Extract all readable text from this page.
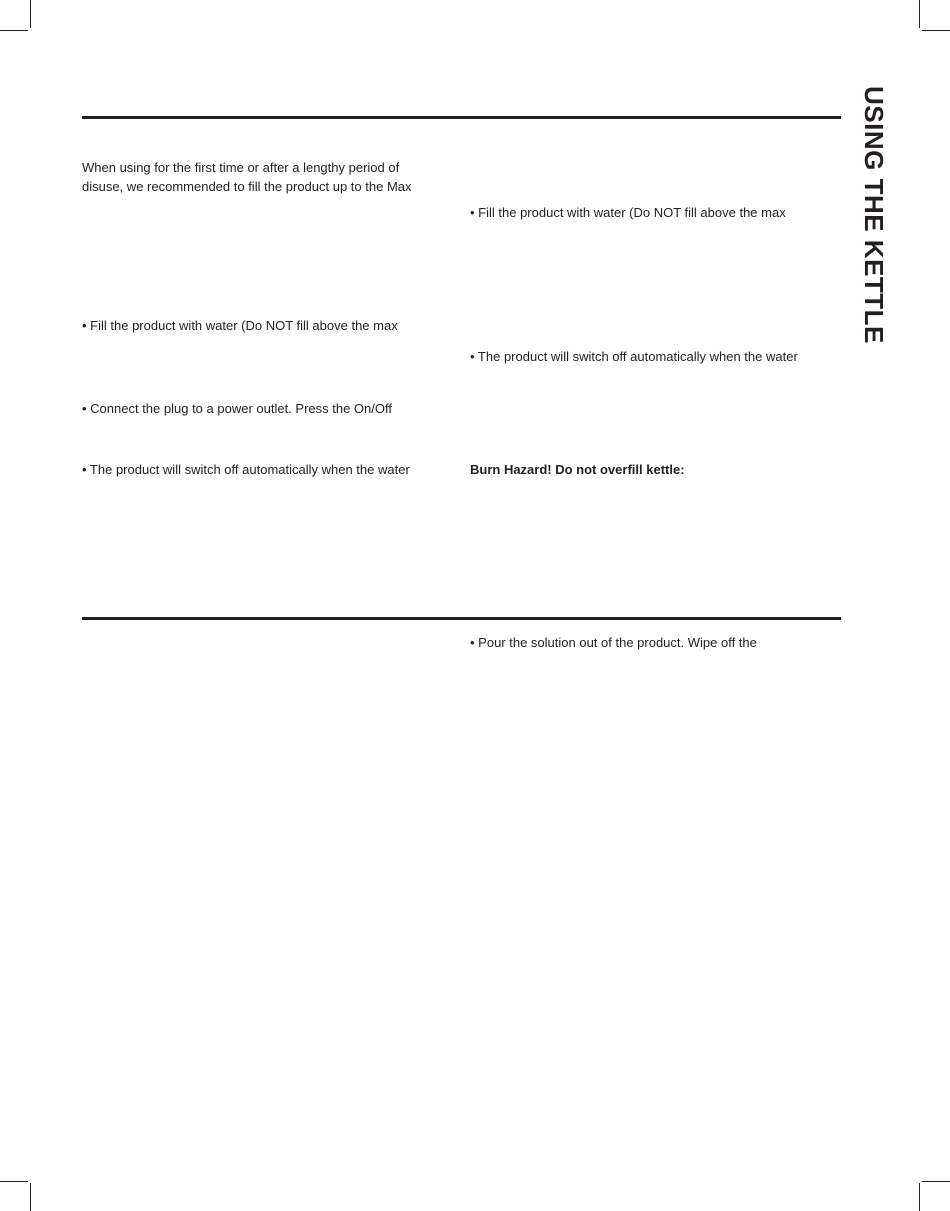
USING THE KETTLE
When using for the first time or after a lengthy period of
disuse, we recommended to fill the product up to the Max
• Fill the product with water (Do NOT fill above the max
• Connect the plug to a power outlet. Press the On/Off
• The product will switch off automatically when the water
• Fill the product with water (Do NOT fill above the max
• The product will switch off automatically when the water
Burn Hazard! Do not overfill kettle:
• Pour the solution out of the product. Wipe off the
